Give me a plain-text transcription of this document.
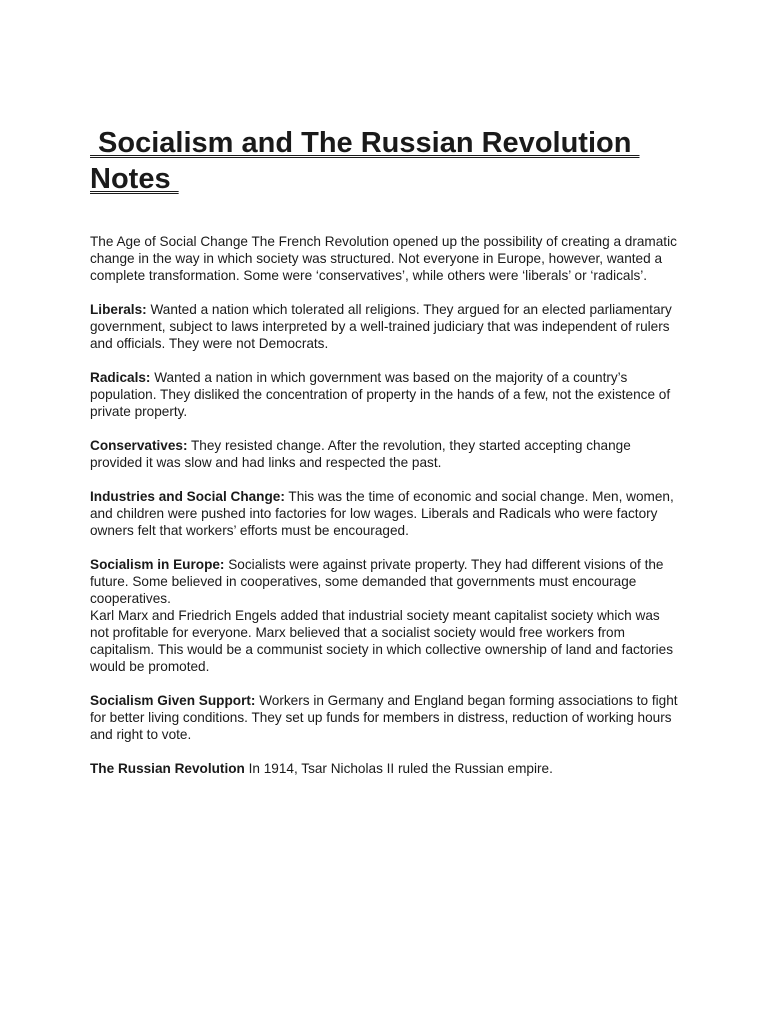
Socialism and The Russian Revolution
Notes

The Age of Social Change The French Revolution opened up the possibility of creating a dramatic change in the way in which society was structured. Not everyone in Europe, however, wanted a complete transformation. Some were ‘conservatives’, while others were ‘liberals’ or ‘radicals’.

Liberals: Wanted a nation which tolerated all religions. They argued for an elected parliamentary government, subject to laws interpreted by a well-trained judiciary that was independent of rulers and officials. They were not Democrats.

Radicals: Wanted a nation in which government was based on the majority of a country’s population. They disliked the concentration of property in the hands of a few, not the existence of private property.

Conservatives: They resisted change. After the revolution, they started accepting change provided it was slow and had links and respected the past.

Industries and Social Change: This was the time of economic and social change. Men, women, and children were pushed into factories for low wages. Liberals and Radicals who were factory owners felt that workers’ efforts must be encouraged.

Socialism in Europe: Socialists were against private property. They had different visions of the future. Some believed in cooperatives, some demanded that governments must encourage cooperatives.
Karl Marx and Friedrich Engels added that industrial society meant capitalist society which was not profitable for everyone. Marx believed that a socialist society would free workers from capitalism. This would be a communist society in which collective ownership of land and factories would be promoted.

Socialism Given Support: Workers in Germany and England began forming associations to fight for better living conditions. They set up funds for members in distress, reduction of working hours and right to vote.

The Russian Revolution In 1914, Tsar Nicholas II ruled the Russian empire.
